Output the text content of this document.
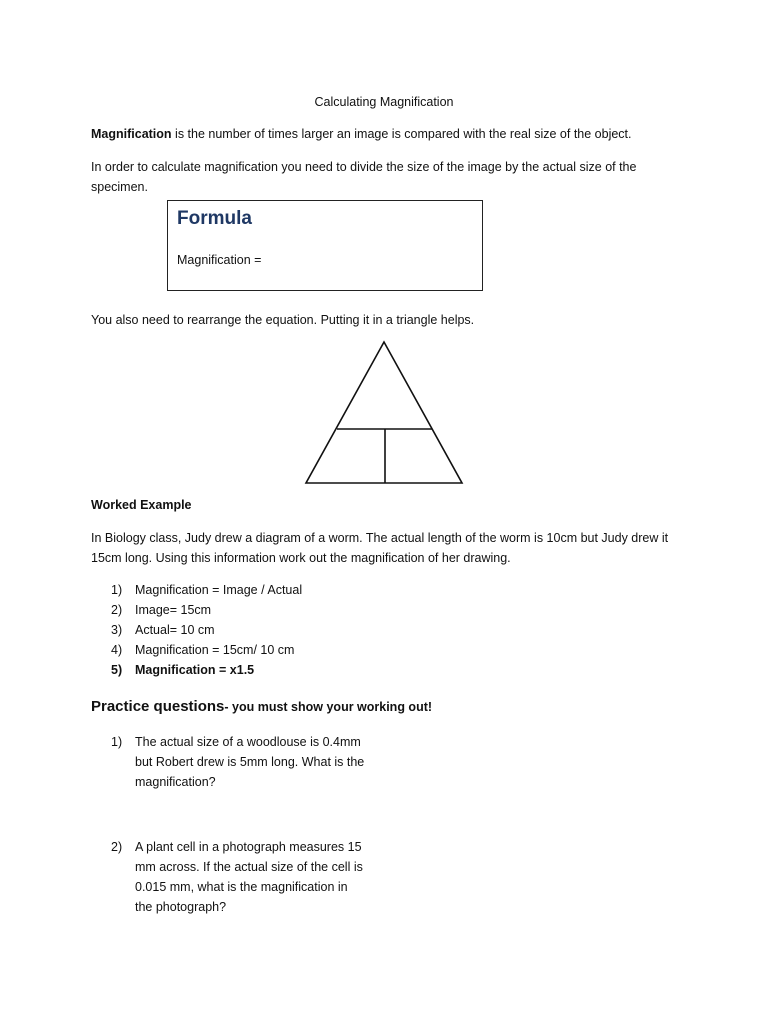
Calculating Magnification
Magnification is the number of times larger an image is compared with the real size of the object.
In order to calculate magnification you need to divide the size of the image by the actual size of the specimen.
Formula
Magnification =
You also need to rearrange the equation. Putting it in a triangle helps.
Worked Example
In Biology class, Judy drew a diagram of a worm. The actual length of the worm is 10cm but Judy drew it 15cm long. Using this information work out the magnification of her drawing.
1) Magnification = Image / Actual
2) Image= 15cm
3) Actual= 10 cm
4) Magnification = 15cm/ 10 cm
5) Magnification = x1.5
Practice questions- you must show your working out!
1) The actual size of a woodlouse is 0.4mm but Robert drew is 5mm long. What is the magnification?
2) A plant cell in a photograph measures 15 mm across. If the actual size of the cell is 0.015 mm, what is the magnification in the photograph?
